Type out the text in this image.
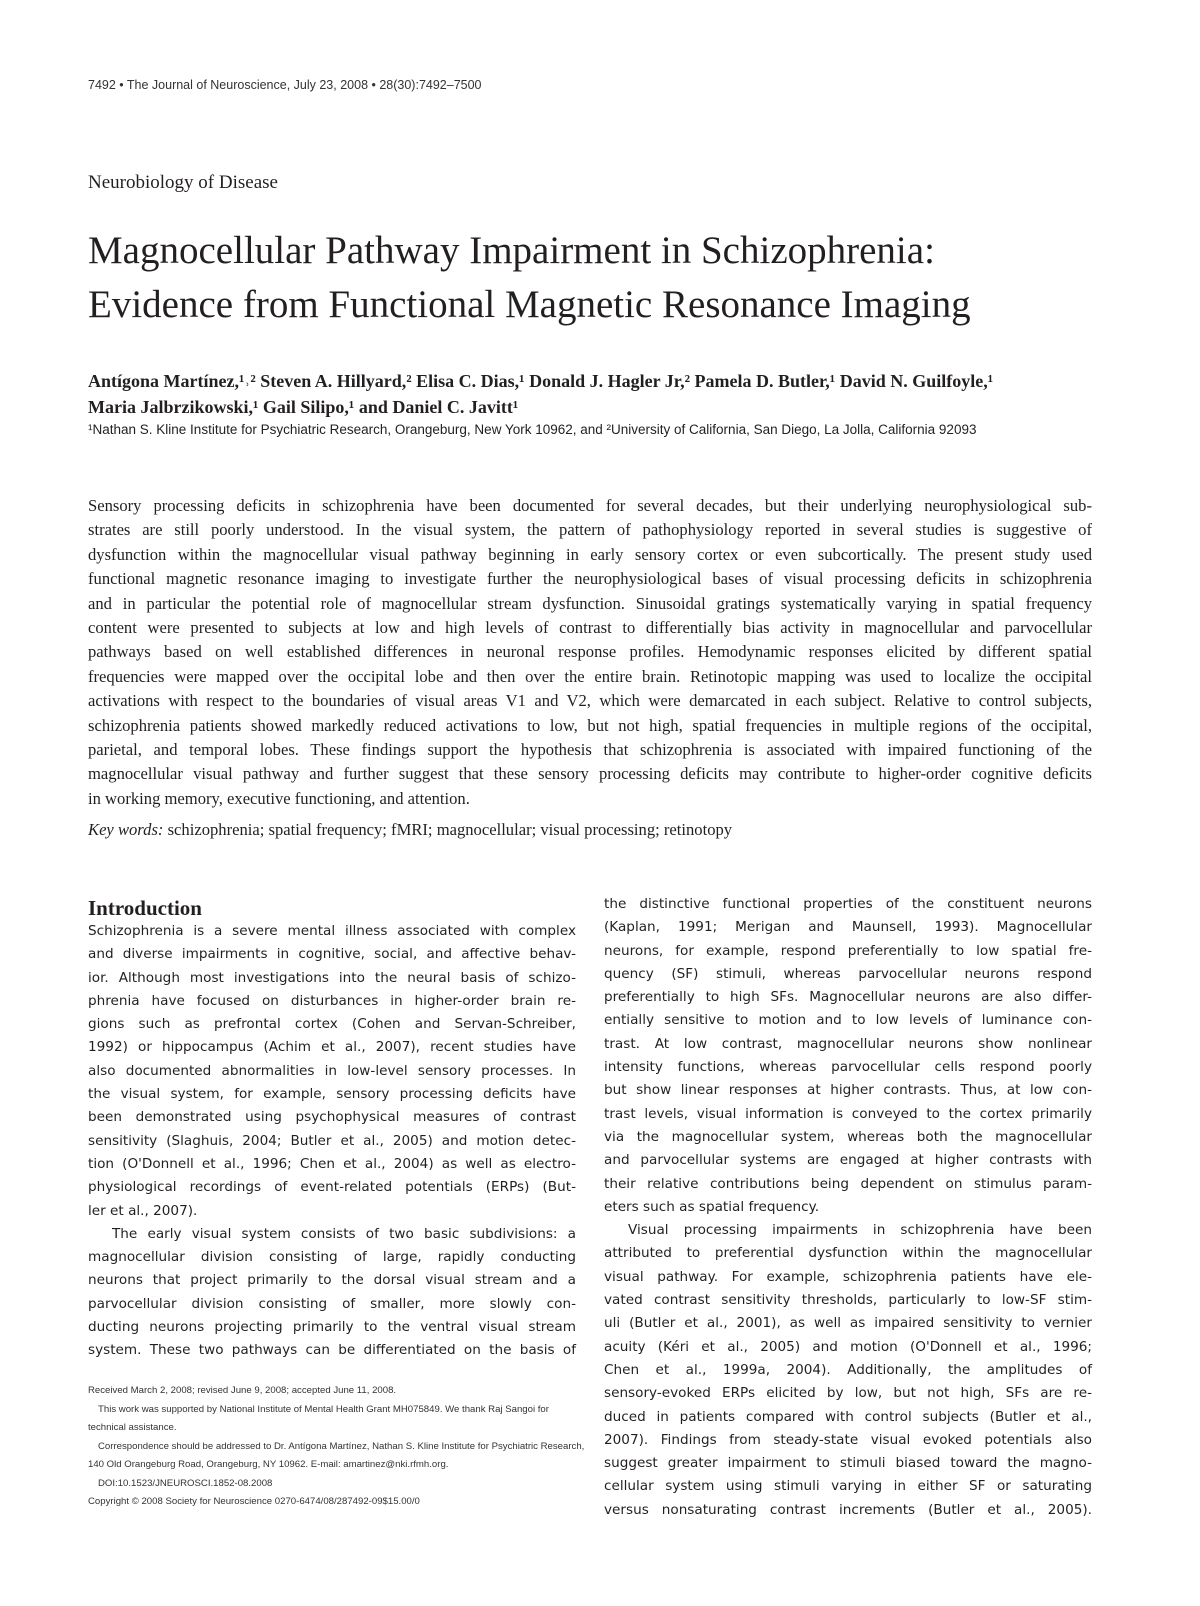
7492 • The Journal of Neuroscience, July 23, 2008 • 28(30):7492–7500
Neurobiology of Disease
Magnocellular Pathway Impairment in Schizophrenia:
Evidence from Functional Magnetic Resonance Imaging
Antígona Martínez,¹˒² Steven A. Hillyard,² Elisa C. Dias,¹ Donald J. Hagler Jr,² Pamela D. Butler,¹ David N. Guilfoyle,¹
Maria Jalbrzikowski,¹ Gail Silipo,¹ and Daniel C. Javitt¹
¹Nathan S. Kline Institute for Psychiatric Research, Orangeburg, New York 10962, and ²University of California, San Diego, La Jolla, California 92093
Sensory processing deficits in schizophrenia have been documented for several decades, but their underlying neurophysiological sub-
strates are still poorly understood. In the visual system, the pattern of pathophysiology reported in several studies is suggestive of
dysfunction within the magnocellular visual pathway beginning in early sensory cortex or even subcortically. The present study used
functional magnetic resonance imaging to investigate further the neurophysiological bases of visual processing deficits in schizophrenia
and in particular the potential role of magnocellular stream dysfunction. Sinusoidal gratings systematically varying in spatial frequency
content were presented to subjects at low and high levels of contrast to differentially bias activity in magnocellular and parvocellular
pathways based on well established differences in neuronal response profiles. Hemodynamic responses elicited by different spatial
frequencies were mapped over the occipital lobe and then over the entire brain. Retinotopic mapping was used to localize the occipital
activations with respect to the boundaries of visual areas V1 and V2, which were demarcated in each subject. Relative to control subjects,
schizophrenia patients showed markedly reduced activations to low, but not high, spatial frequencies in multiple regions of the occipital,
parietal, and temporal lobes. These findings support the hypothesis that schizophrenia is associated with impaired functioning of the
magnocellular visual pathway and further suggest that these sensory processing deficits may contribute to higher-order cognitive deficits
in working memory, executive functioning, and attention.
Key words: schizophrenia; spatial frequency; fMRI; magnocellular; visual processing; retinotopy
Introduction
Schizophrenia is a severe mental illness associated with complex
and diverse impairments in cognitive, social, and affective behav-
ior. Although most investigations into the neural basis of schizo-
phrenia have focused on disturbances in higher-order brain re-
gions such as prefrontal cortex (Cohen and Servan-Schreiber,
1992) or hippocampus (Achim et al., 2007), recent studies have
also documented abnormalities in low-level sensory processes. In
the visual system, for example, sensory processing deficits have
been demonstrated using psychophysical measures of contrast
sensitivity (Slaghuis, 2004; Butler et al., 2005) and motion detec-
tion (O'Donnell et al., 1996; Chen et al., 2004) as well as electro-
physiological recordings of event-related potentials (ERPs) (But-
ler et al., 2007).
The early visual system consists of two basic subdivisions: a
magnocellular division consisting of large, rapidly conducting
neurons that project primarily to the dorsal visual stream and a
parvocellular division consisting of smaller, more slowly con-
ducting neurons projecting primarily to the ventral visual stream
system. These two pathways can be differentiated on the basis of
the distinctive functional properties of the constituent neurons
(Kaplan, 1991; Merigan and Maunsell, 1993). Magnocellular
neurons, for example, respond preferentially to low spatial fre-
quency (SF) stimuli, whereas parvocellular neurons respond
preferentially to high SFs. Magnocellular neurons are also differ-
entially sensitive to motion and to low levels of luminance con-
trast. At low contrast, magnocellular neurons show nonlinear
intensity functions, whereas parvocellular cells respond poorly
but show linear responses at higher contrasts. Thus, at low con-
trast levels, visual information is conveyed to the cortex primarily
via the magnocellular system, whereas both the magnocellular
and parvocellular systems are engaged at higher contrasts with
their relative contributions being dependent on stimulus param-
eters such as spatial frequency.
Visual processing impairments in schizophrenia have been
attributed to preferential dysfunction within the magnocellular
visual pathway. For example, schizophrenia patients have ele-
vated contrast sensitivity thresholds, particularly to low-SF stim-
uli (Butler et al., 2001), as well as impaired sensitivity to vernier
acuity (Kéri et al., 2005) and motion (O'Donnell et al., 1996;
Chen et al., 1999a, 2004). Additionally, the amplitudes of
sensory-evoked ERPs elicited by low, but not high, SFs are re-
duced in patients compared with control subjects (Butler et al.,
2007). Findings from steady-state visual evoked potentials also
suggest greater impairment to stimuli biased toward the magno-
cellular system using stimuli varying in either SF or saturating
versus nonsaturating contrast increments (Butler et al., 2005).
Received March 2, 2008; revised June 9, 2008; accepted June 11, 2008.
This work was supported by National Institute of Mental Health Grant MH075849. We thank Raj Sangoi for
technical assistance.
Correspondence should be addressed to Dr. Antígona Martínez, Nathan S. Kline Institute for Psychiatric Research,
140 Old Orangeburg Road, Orangeburg, NY 10962. E-mail: amartinez@nki.rfmh.org.
DOI:10.1523/JNEUROSCI.1852-08.2008
Copyright © 2008 Society for Neuroscience 0270-6474/08/287492-09$15.00/0
